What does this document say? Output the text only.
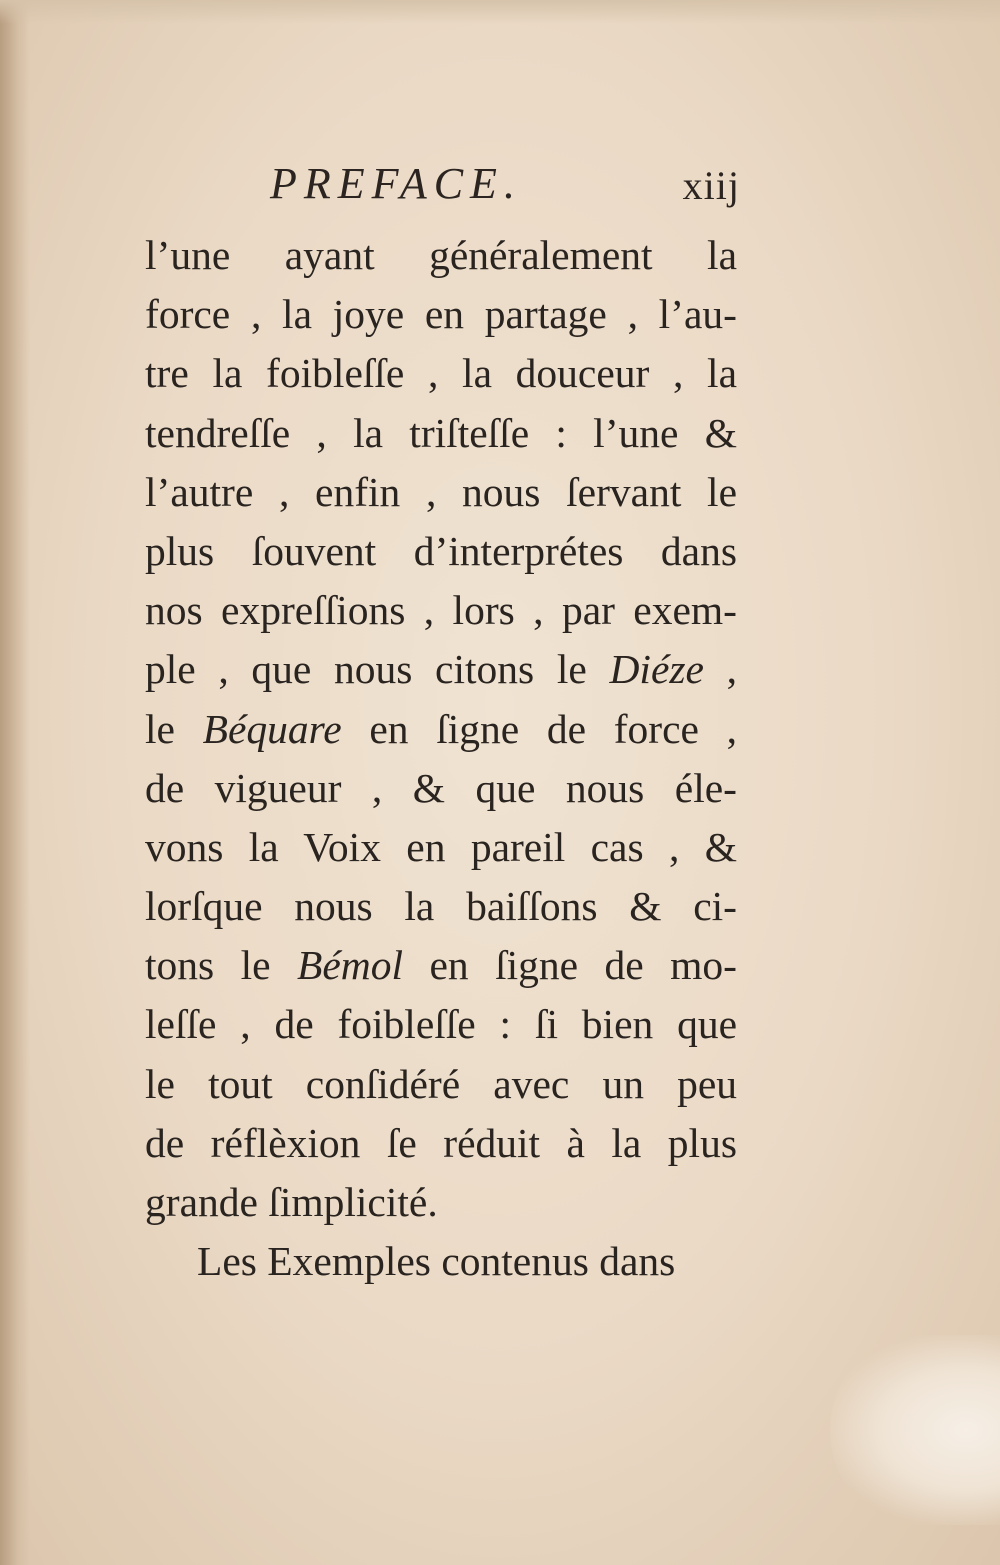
PREFACE.	xiij
l’une ayant généralement la
force , la joye en partage , l’au-
tre la foibleſſe , la douceur , la
tendreſſe , la triſteſſe : l’une &
l’autre , enfin , nous ſervant le
plus ſouvent d’interprétes dans
nos expreſſions , lors , par exem-
ple , que nous citons le Diéze ,
le Béquare en ſigne de force ,
de vigueur , & que nous éle-
vons la Voix en pareil cas , &
lorſque nous la baiſſons & ci-
tons le Bémol en ſigne de mo-
leſſe , de foibleſſe : ſi bien que
le tout conſidéré avec un peu
de réflèxion ſe réduit à la plus
grande ſimplicité.
Les Exemples contenus dans
